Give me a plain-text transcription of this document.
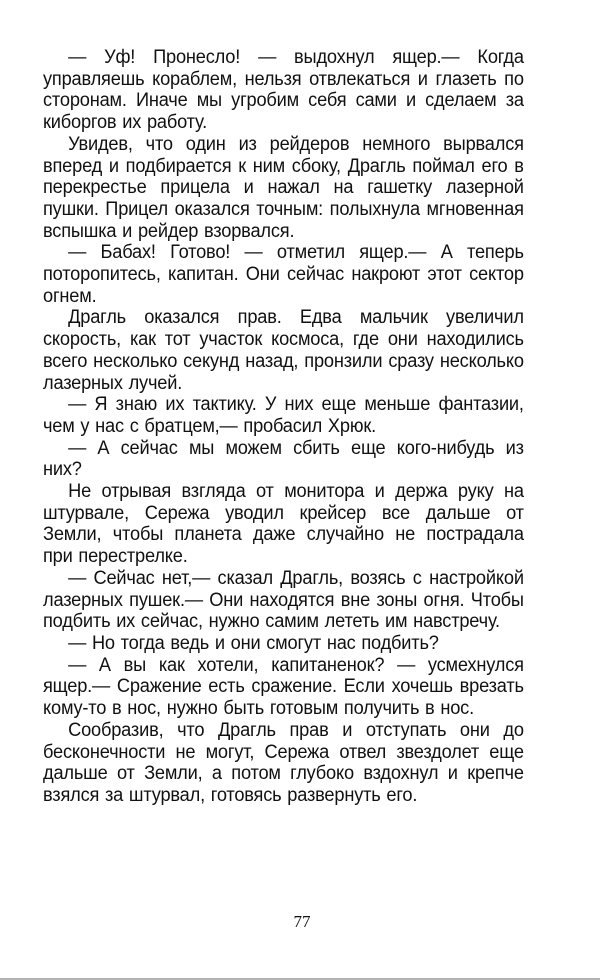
— Уф! Пронесло! — выдохнул ящер.— Когда управляешь кораблем, нельзя отвлекаться и глазеть по сторонам. Иначе мы угробим себя сами и сделаем за киборгов их работу.

Увидев, что один из рейдеров немного вырвался вперед и подбирается к ним сбоку, Драгль поймал его в перекрестье прицела и нажал на гашетку лазерной пушки. Прицел оказался точным: полыхнула мгновенная вспышка и рейдер взорвался.

— Бабах! Готово! — отметил ящер.— А теперь поторопитесь, капитан. Они сейчас накроют этот сектор огнем.

Драгль оказался прав. Едва мальчик увеличил скорость, как тот участок космоса, где они находились всего несколько секунд назад, пронзили сразу несколько лазерных лучей.

— Я знаю их тактику. У них еще меньше фантазии, чем у нас с братцем,— пробасил Хрюк.

— А сейчас мы можем сбить еще кого-нибудь из них?

Не отрывая взгляда от монитора и держа руку на штурвале, Сережа уводил крейсер все дальше от Земли, чтобы планета даже случайно не пострадала при перестрелке.

— Сейчас нет,— сказал Драгль, возясь с настройкой лазерных пушек.— Они находятся вне зоны огня. Чтобы подбить их сейчас, нужно самим лететь им навстречу.

— Но тогда ведь и они смогут нас подбить?

— А вы как хотели, капитаненок? — усмехнулся ящер.— Сражение есть сражение. Если хочешь врезать кому-то в нос, нужно быть готовым получить в нос.

Сообразив, что Драгль прав и отступать они до бесконечности не могут, Сережа отвел звездолет еще дальше от Земли, а потом глубоко вздохнул и крепче взялся за штурвал, готовясь развернуть его.

77
